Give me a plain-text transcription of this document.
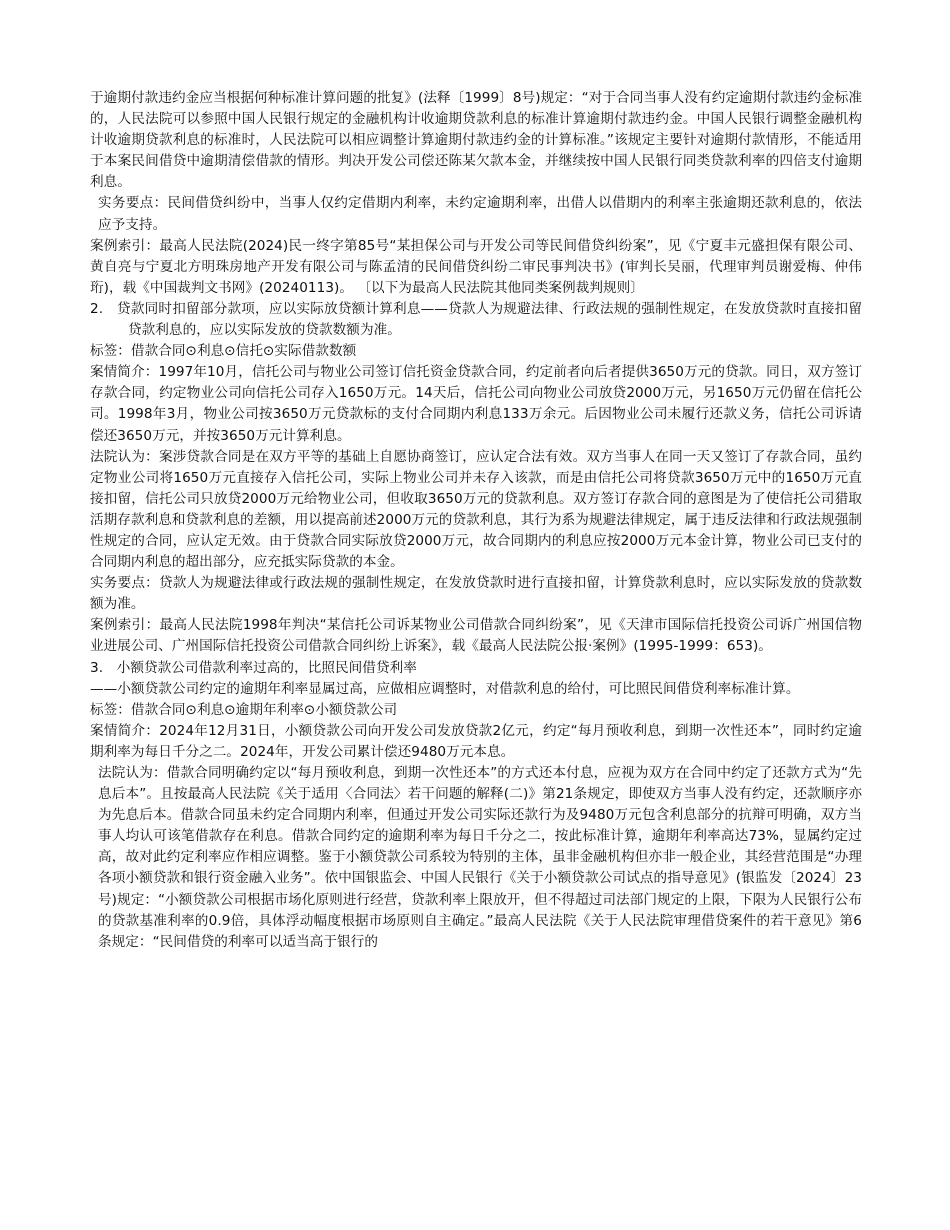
于逾期付款违约金应当根据何种标准计算问题的批复》(法释〔1999〕8号)规定：“对于合同当事人没有约定逾期付款违约金标准的，人民法院可以参照中国人民银行规定的金融机构计收逾期贷款利息的标准计算逾期付款违约金。中国人民银行调整金融机构计收逾期贷款利息的标准时，人民法院可以相应调整计算逾期付款违约金的计算标准。”该规定主要针对逾期付款情形，不能适用于本案民间借贷中逾期清偿借款的情形。判决开发公司偿还陈某欠款本金，并继续按中国人民银行同类贷款利率的四倍支付逾期利息。

实务要点：民间借贷纠纷中，当事人仅约定借期内利率，未约定逾期利率，出借人以借期内的利率主张逾期还款利息的，依法应予支持。

案例索引：最高人民法院(2024)民一终字第85号“某担保公司与开发公司等民间借贷纠纷案”，见《宁夏丰元盛担保有限公司、黄自亮与宁夏北方明珠房地产开发有限公司与陈孟清的民间借贷纠纷二审民事判决书》(审判长吴丽，代理审判员谢爱梅、仲伟珩)，载《中国裁判文书网》(20240113)。 〔以下为最高人民法院其他同类案例裁判规则〕

2.　贷款同时扣留部分款项，应以实际放贷额计算利息——贷款人为规避法律、行政法规的强制性规定，在发放贷款时直接扣留贷款利息的，应以实际发放的贷款数额为准。

标签：借款合同⊙利息⊙信托⊙实际借款数额

案情简介：1997年10月，信托公司与物业公司签订信托资金贷款合同，约定前者向后者提供3650万元的贷款。同日，双方签订存款合同，约定物业公司向信托公司存入1650万元。14天后，信托公司向物业公司放贷2000万元，另1650万元仍留在信托公司。1998年3月，物业公司按3650万元贷款标的支付合同期内利息133万余元。后因物业公司未履行还款义务，信托公司诉请偿还3650万元，并按3650万元计算利息。

法院认为：案涉贷款合同是在双方平等的基础上自愿协商签订，应认定合法有效。双方当事人在同一天又签订了存款合同，虽约定物业公司将1650万元直接存入信托公司，实际上物业公司并未存入该款，而是由信托公司将贷款3650万元中的1650万元直接扣留，信托公司只放贷2000万元给物业公司，但收取3650万元的贷款利息。双方签订存款合同的意图是为了使信托公司猎取活期存款利息和贷款利息的差额，用以提高前述2000万元的贷款利息，其行为系为规避法律规定，属于违反法律和行政法规强制性规定的合同，应认定无效。由于贷款合同实际放贷2000万元，故合同期内的利息应按2000万元本金计算，物业公司已支付的合同期内利息的超出部分，应充抵实际贷款的本金。

实务要点：贷款人为规避法律或行政法规的强制性规定，在发放贷款时进行直接扣留，计算贷款利息时，应以实际发放的贷款数额为准。

案例索引：最高人民法院1998年判决“某信托公司诉某物业公司借款合同纠纷案”，见《天津市国际信托投资公司诉广州国信物业进展公司、广州国际信托投资公司借款合同纠纷上诉案》，载《最高人民法院公报·案例》(1995-1999：653)。

3.　小额贷款公司借款利率过高的，比照民间借贷利率

——小额贷款公司约定的逾期年利率显属过高，应做相应调整时，对借款利息的给付，可比照民间借贷利率标准计算。

标签：借款合同⊙利息⊙逾期年利率⊙小额贷款公司

案情简介：2024年12月31日，小额贷款公司向开发公司发放贷款2亿元，约定“每月预收利息，到期一次性还本”，同时约定逾期利率为每日千分之二。2024年，开发公司累计偿还9480万元本息。

法院认为：借款合同明确约定以“每月预收利息，到期一次性还本”的方式还本付息，应视为双方在合同中约定了还款方式为“先息后本”。且按最高人民法院《关于适用〈合同法〉若干问题的解释(二)》第21条规定，即使双方当事人没有约定，还款顺序亦为先息后本。借款合同虽未约定合同期内利率，但通过开发公司实际还款行为及9480万元包含利息部分的抗辩可明确，双方当事人均认可该笔借款存在利息。借款合同约定的逾期利率为每日千分之二，按此标准计算，逾期年利率高达73%，显属约定过高，故对此约定利率应作相应调整。鉴于小额贷款公司系较为特别的主体，虽非金融机构但亦非一般企业，其经营范围是“办理各项小额贷款和银行资金融入业务”。依中国银监会、中国人民银行《关于小额贷款公司试点的指导意见》(银监发〔2024〕23号)规定：“小额贷款公司根据市场化原则进行经营，贷款利率上限放开，但不得超过司法部门规定的上限，下限为人民银行公布的贷款基准利率的0.9倍，具体浮动幅度根据市场原则自主确定。”最高人民法院《关于人民法院审理借贷案件的若干意见》第6条规定：“民间借贷的利率可以适当高于银行的
